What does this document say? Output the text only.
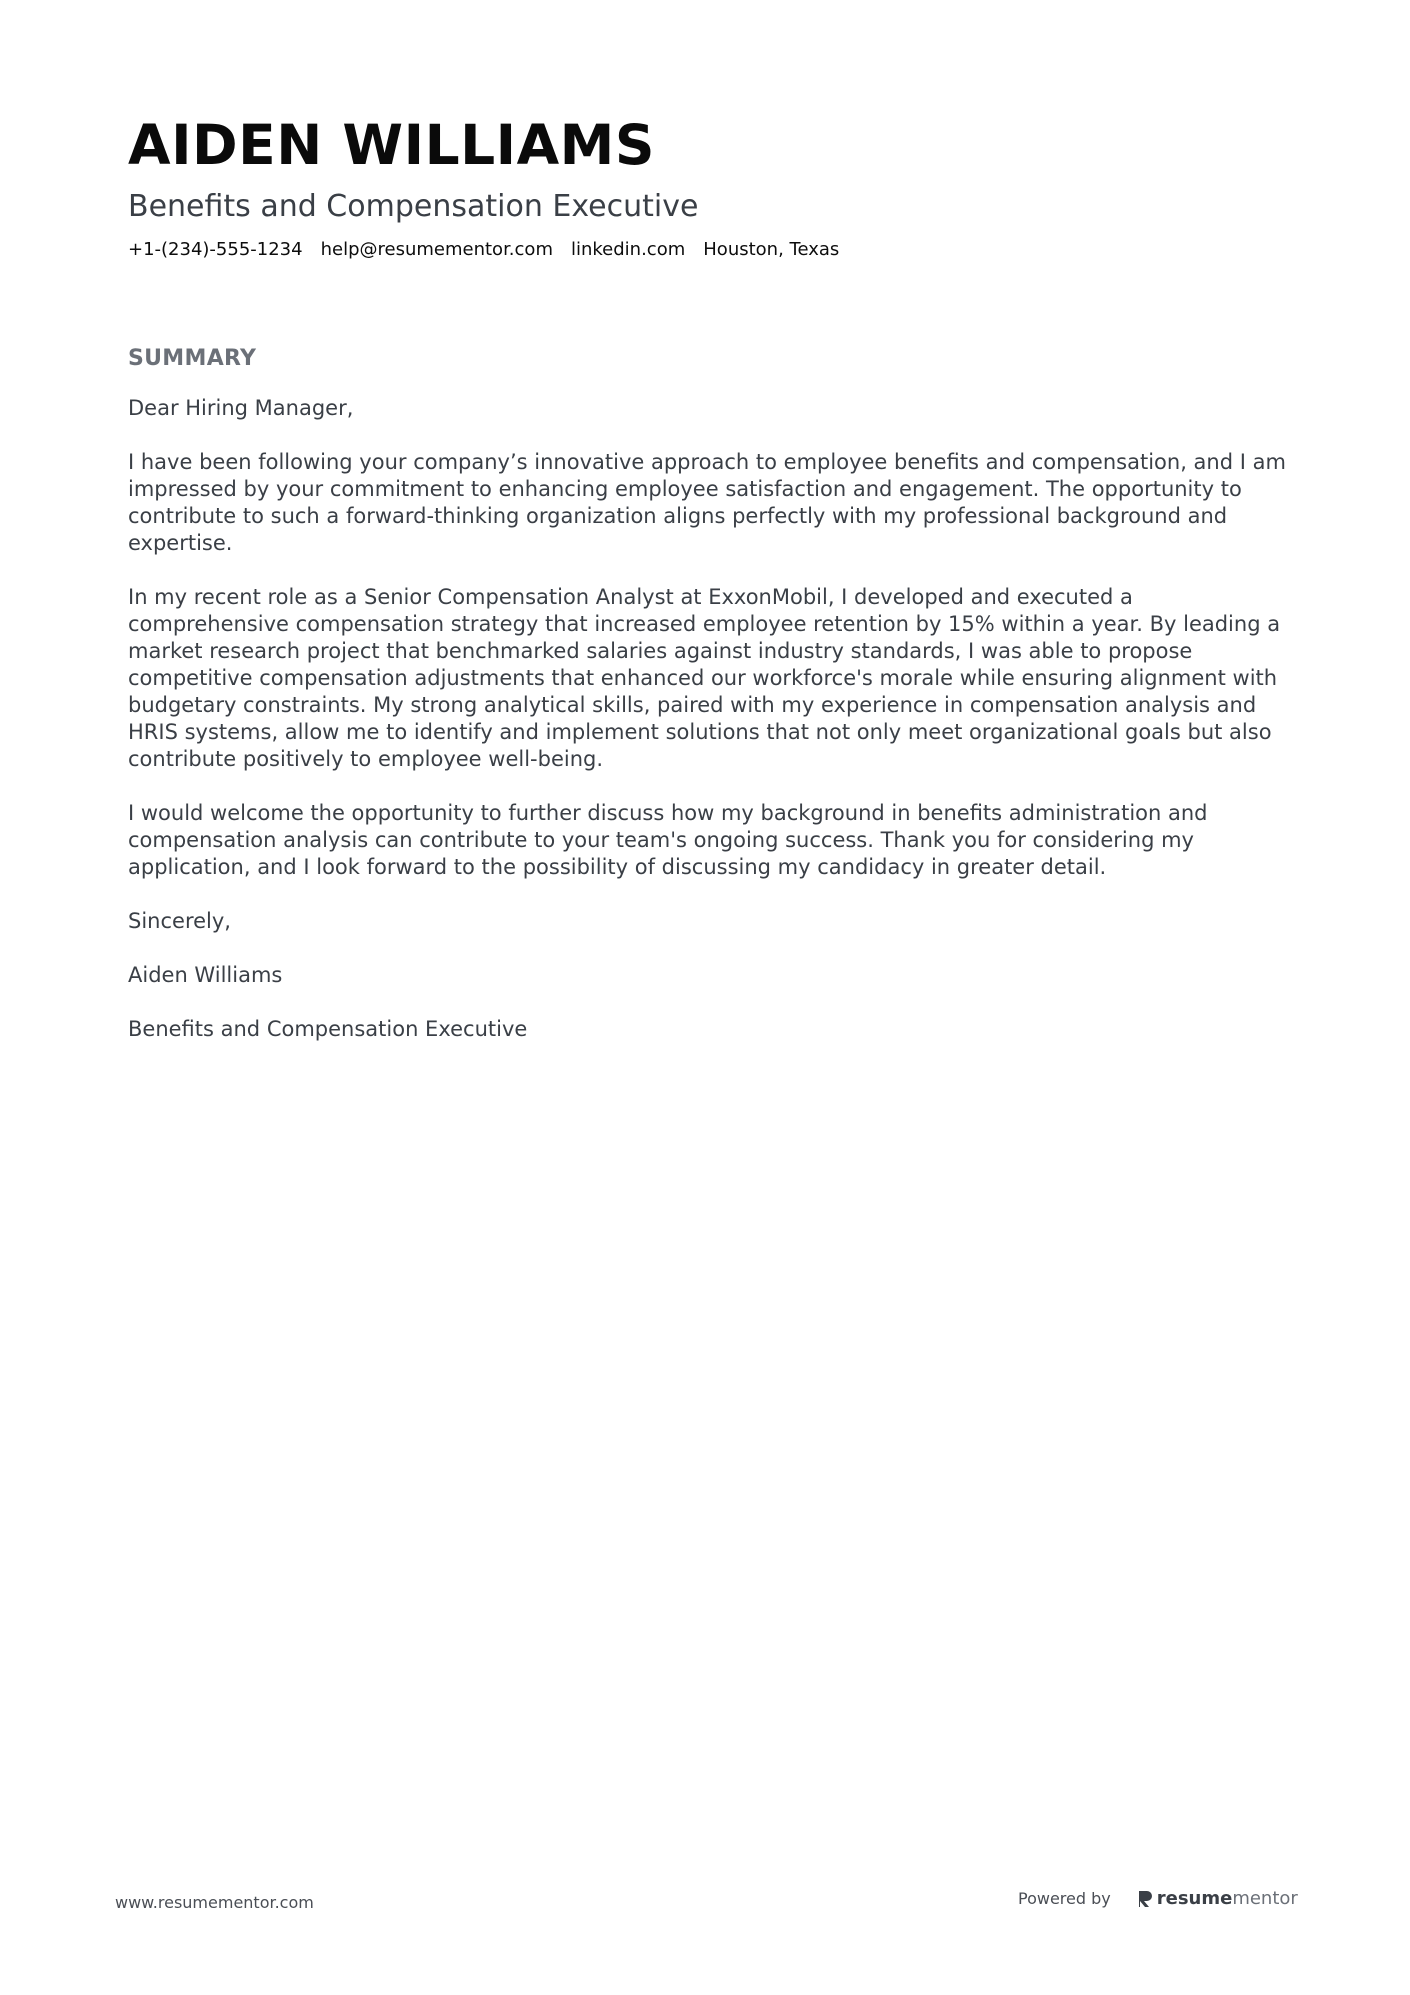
AIDEN WILLIAMS
Benefits and Compensation Executive
+1-(234)-555-1234 help@resumementor.com linkedin.com Houston, Texas
SUMMARY

Dear Hiring Manager,

I have been following your company’s innovative approach to employee benefits and compensation, and I am impressed by your commitment to enhancing employee satisfaction and engagement. The opportunity to contribute to such a forward-thinking organization aligns perfectly with my professional background and expertise.

In my recent role as a Senior Compensation Analyst at ExxonMobil, I developed and executed a comprehensive compensation strategy that increased employee retention by 15% within a year. By leading a market research project that benchmarked salaries against industry standards, I was able to propose competitive compensation adjustments that enhanced our workforce's morale while ensuring alignment with budgetary constraints. My strong analytical skills, paired with my experience in compensation analysis and HRIS systems, allow me to identify and implement solutions that not only meet organizational goals but also contribute positively to employee well-being.

I would welcome the opportunity to further discuss how my background in benefits administration and compensation analysis can contribute to your team's ongoing success. Thank you for considering my application, and I look forward to the possibility of discussing my candidacy in greater detail.

Sincerely,

Aiden Williams

Benefits and Compensation Executive

www.resumementor.com	Powered by	resume mentor
